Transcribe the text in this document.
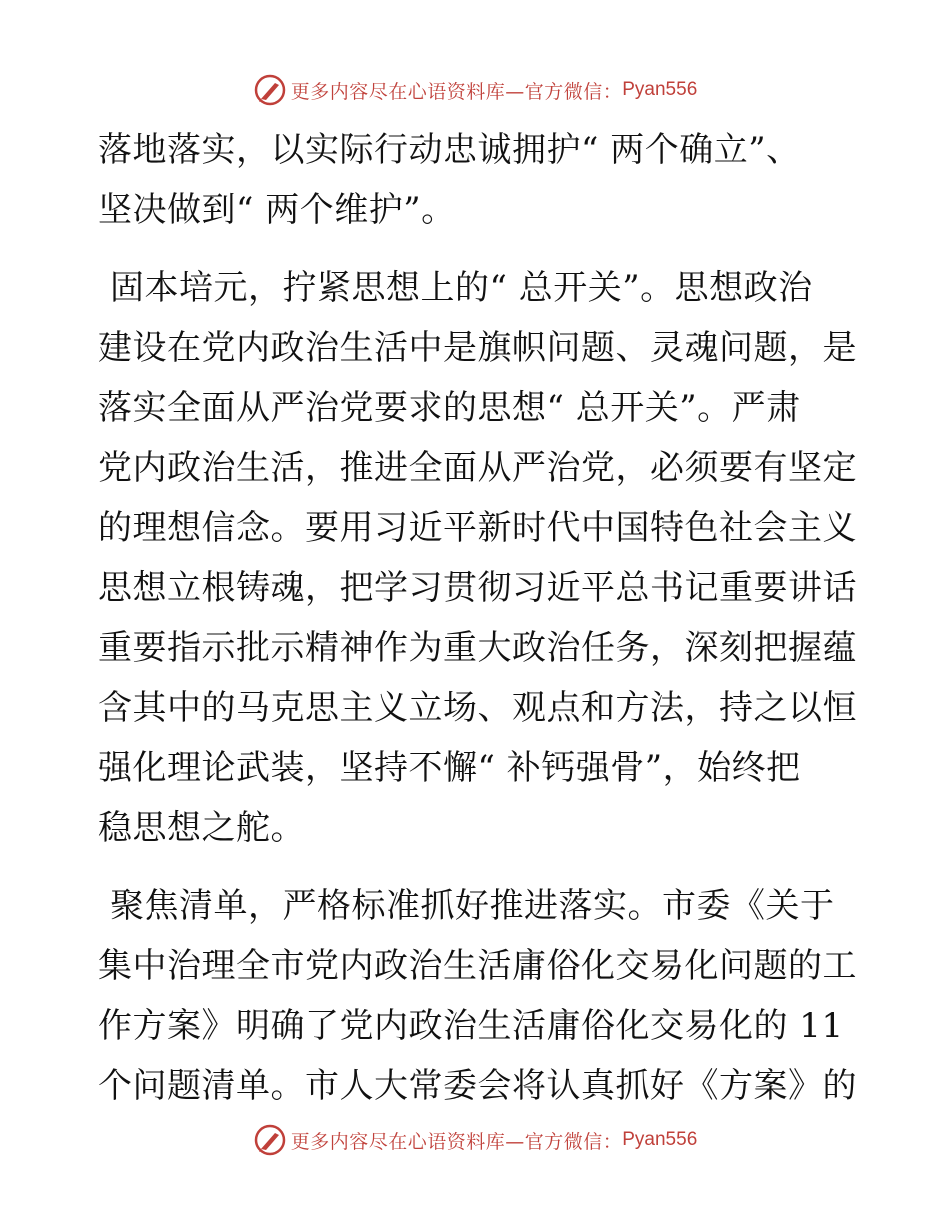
更多内容尽在心语资料库—官方微信： Pyan556
落地落实，以实际行动忠诚拥护“ 两个确立”、
坚决做到“ 两个维护”。
固本培元，拧紧思想上的“ 总开关”。思想政治
建设在党内政治生活中是旗帜问题、灵魂问题，是
落实全面从严治党要求的思想“ 总开关”。严肃
党内政治生活，推进全面从严治党，必须要有坚定
的理想信念。要用习近平新时代中国特色社会主义
思想立根铸魂，把学习贯彻习近平总书记重要讲话
重要指示批示精神作为重大政治任务，深刻把握蕴
含其中的马克思主义立场、观点和方法，持之以恒
强化理论武装，坚持不懈“ 补钙强骨”，始终把
稳思想之舵。
聚焦清单，严格标准抓好推进落实。市委《关于
集中治理全市党内政治生活庸俗化交易化问题的工
作方案》明确了党内政治生活庸俗化交易化的 11
个问题清单。市人大常委会将认真抓好《方案》的
更多内容尽在心语资料库—官方微信： Pyan556
